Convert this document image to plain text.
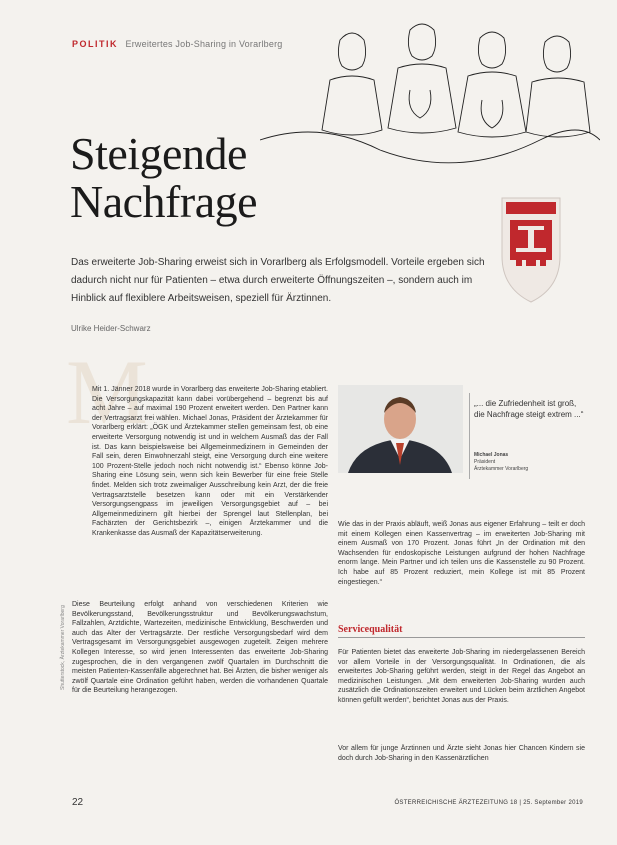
POLITIK Erweitertes Job-Sharing in Vorarlberg
Steigende
Nachfrage
Das erweiterte Job-Sharing erweist sich in Vorarlberg als Erfolgsmodell. Vorteile ergeben sich dadurch nicht nur für Patienten – etwa durch erweiterte Öffnungszeiten –, sondern auch im Hinblick auf flexiblere Arbeitsweisen, speziell für Ärztinnen.
Ulrike Heider-Schwarz
M
Mit 1. Jänner 2018 wurde in Vorarlberg das erweiterte Job-Sharing etabliert. Die Versorgungskapazität kann dabei vorübergehend – begrenzt bis auf acht Jahre – auf maximal 190 Prozent erweitert werden. Den Partner kann der Vertragsarzt frei wählen. Michael Jonas, Präsident der Ärztekammer für Vorarlberg erklärt: „ÖGK und Ärztekammer stellen gemeinsam fest, ob eine erweiterte Versorgung notwendig ist und in welchem Ausmaß das der Fall ist. Das kann beispielsweise bei Allgemeinmedizinern in Gemeinden der Fall sein, deren Einwohnerzahl steigt, eine Versorgung durch eine weitere 100 Prozent-Stelle jedoch noch nicht notwendig ist.“ Ebenso könne Job-Sharing eine Lösung sein, wenn sich kein Bewerber für eine freie Stelle findet. Melden sich trotz zweimaliger Ausschreibung kein Arzt, der die freie Vertragsarztstelle besetzen kann oder mit ein Verstärkender Versorgungsengpass im jeweiligen Versorgungsgebiet auf – bei Allgemeinmedizinern gilt hierbei der Sprengel laut Stellenplan, bei Fachärzten der Gerichtsbezirk –, einigen Ärztekammer und die Krankenkasse das Ausmaß der Kapazitätserweiterung.
Diese Beurteilung erfolgt anhand von verschiedenen Kriterien wie Bevölkerungsstand, Bevölkerungsstruktur und Bevölkerungswachstum, Fallzahlen, Arztdichte, Wartezeiten, medizinische Entwicklung, Beschwerden und auch das Alter der Vertragsärzte. Der restliche Versorgungsbedarf wird dem Vertragsgesamt im Versorgungsgebiet ausgewogen zugeteilt. Zeigen mehrere Kollegen Interesse, so wird jenen Interessenten das erweiterte Job-Sharing zugesprochen, die in den vergangenen zwölf Quartalen im Durchschnitt die meisten Patienten-Kassenfälle abgerechnet hat. Bei Ärzten, die bisher weniger als zwölf Quartale eine Ordination geführt haben, werden die vorhandenen Quartale für die Beurteilung herangezogen.
„... die Zufriedenheit ist groß, die Nachfrage steigt extrem ...“
Michael Jonas
Präsident
Ärztekammer Vorarlberg
Wie das in der Praxis abläuft, weiß Jonas aus eigener Erfahrung – teilt er doch mit einem Kollegen einen Kassenvertrag – im erweiterten Job-Sharing mit einem Ausmaß von 170 Prozent. Jonas führt „In der Ordination mit den Wachsenden für endoskopische Leistungen aufgrund der hohen Nachfrage enorm lange. Mein Partner und ich teilen uns die Kassenstelle zu 90 Prozent. Ich habe auf 85 Prozent reduziert, mein Kollege ist mit 85 Prozent eingestiegen.“
Servicequalität
Für Patienten bietet das erweiterte Job-Sharing im niedergelassenen Bereich vor allem Vorteile in der Versorgungsqualität. In Ordinationen, die als erweitertes Job-Sharing geführt werden, steigt in der Regel das Angebot an medizinischen Leistungen. „Mit dem erweiterten Job-Sharing wurden auch zusätzlich die Ordinationszeiten erweitert und Lücken beim ärztlichen Angebot können gefüllt werden“, berichtet Jonas aus der Praxis.
Vor allem für junge Ärztinnen und Ärzte sieht Jonas hier Chancen Kindern sie doch durch Job-Sharing in den Kassenärztlichen
Shutterstock, Ärztekammer Vorarlberg
22	ÖSTERREICHISCHE ÄRZTEZEITUNG 18 | 25. September 2019
